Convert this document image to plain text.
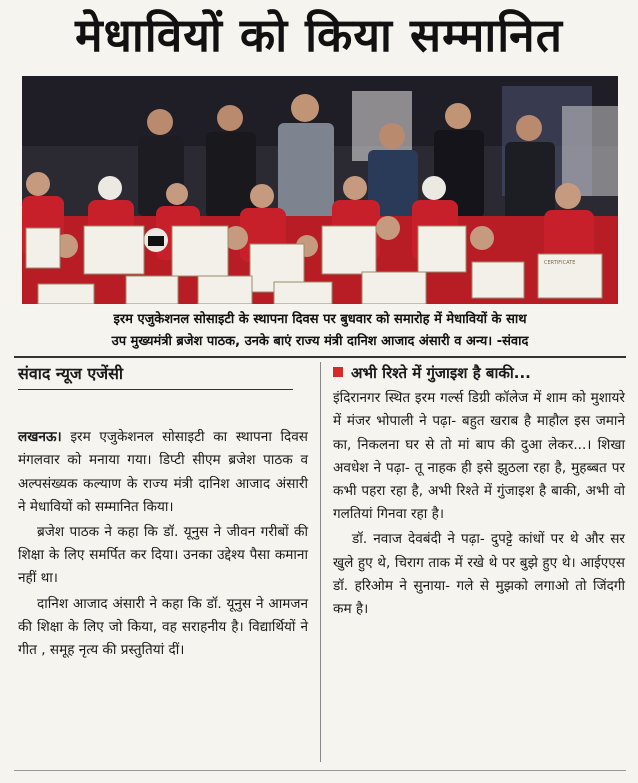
मेधावियों को किया सम्मानित
CERTIFICATE
इरम एजुकेशनल सोसाइटी के स्थापना दिवस पर बुधवार को समारोह में मेधावियों के साथ
उप मुख्यमंत्री ब्रजेश पाठक, उनके बाएं राज्य मंत्री दानिश आजाद अंसारी व अन्य। -संवाद
संवाद न्यूज एजेंसी

लखनऊ। इरम एजुकेशनल सोसाइटी का स्थापना दिवस मंगलवार को मनाया गया। डिप्टी सीएम ब्रजेश पाठक व अल्पसंख्यक कल्याण के राज्य मंत्री दानिश आजाद अंसारी ने मेधावियों को सम्मानित किया।

ब्रजेश पाठक ने कहा कि डॉ. यूनुस ने जीवन गरीबों की शिक्षा के लिए समर्पित कर दिया। उनका उद्देश्य पैसा कमाना नहीं था।

दानिश आजाद अंसारी ने कहा कि डॉ. यूनुस ने आमजन की शिक्षा के लिए जो किया, वह सराहनीय है। विद्यार्थियों ने गीत , समूह नृत्य की प्रस्तुतियां दीं।

अभी रिश्ते में गुंजाइश है बाकी...

इंदिरानगर स्थित इरम गर्ल्स डिग्री कॉलेज में शाम को मुशायरे में मंजर भोपाली ने पढ़ा- बहुत खराब है माहौल इस जमाने का, निकलना घर से तो मां बाप की दुआ लेकर...। शिखा अवधेश ने पढ़ा- तू नाहक ही इसे झुठला रहा है, मुहब्बत पर कभी पहरा रहा है, अभी रिश्ते में गुंजाइश है बाकी, अभी वो गलतियां गिनवा रहा है।

डॉ. नवाज देवबंदी ने पढ़ा- दुपट्टे कांधों पर थे और सर खुले हुए थे, चिराग ताक में रखे थे पर बुझे हुए थे। आईएएस डॉ. हरिओम ने सुनाया- गले से मुझको लगाओ तो जिंदगी कम है।
